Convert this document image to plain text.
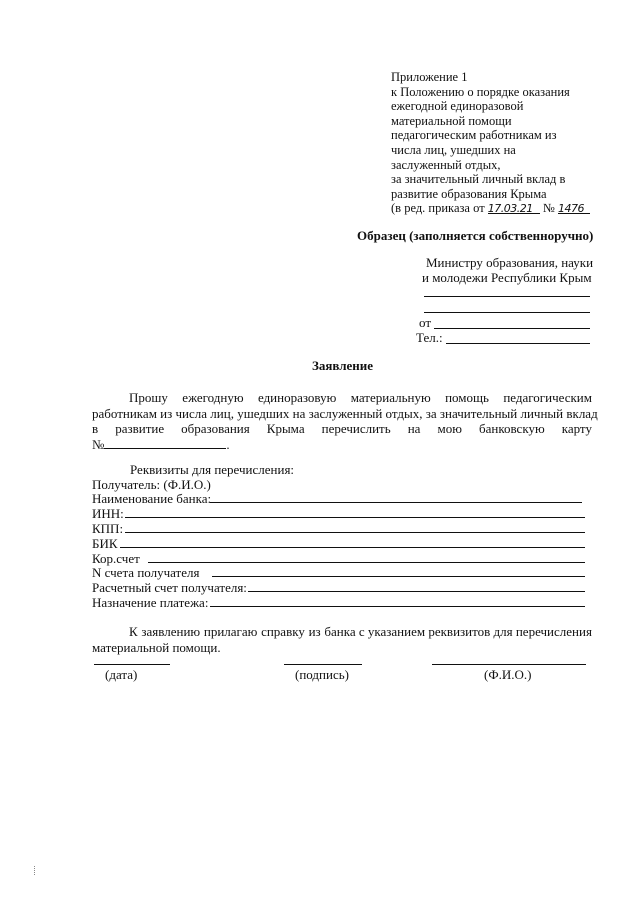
Приложение 1
к Положению о порядке оказания
ежегодной единоразовой
материальной помощи
педагогическим работникам из
числа лиц, ушедших на
заслуженный отдых,
за значительный личный вклад в
развитие образования Крыма
(в ред. приказа от 17.03.21 № 1476
Образец (заполняется собственноручно)
Министру образования, науки
и молодежи Республики Крым
от
Тел.:
Заявление
Прошу ежегодную единоразовую материальную помощь педагогическим
работникам из числа лиц, ушедших на заслуженный отдых, за значительный личный вклад
в развитие образования Крыма перечислить на мою банковскую карту
№	.
Реквизиты для перечисления:
Получатель: (Ф.И.О.)
Наименование банка:
ИНН:
КПП:
БИК
Кор.счет
N счета получателя
Расчетный счет получателя:
Назначение платежа:
К заявлению прилагаю справку из банка с указанием реквизитов для перечисления
материальной помощи.
(дата)	(подпись)	(Ф.И.О.)
